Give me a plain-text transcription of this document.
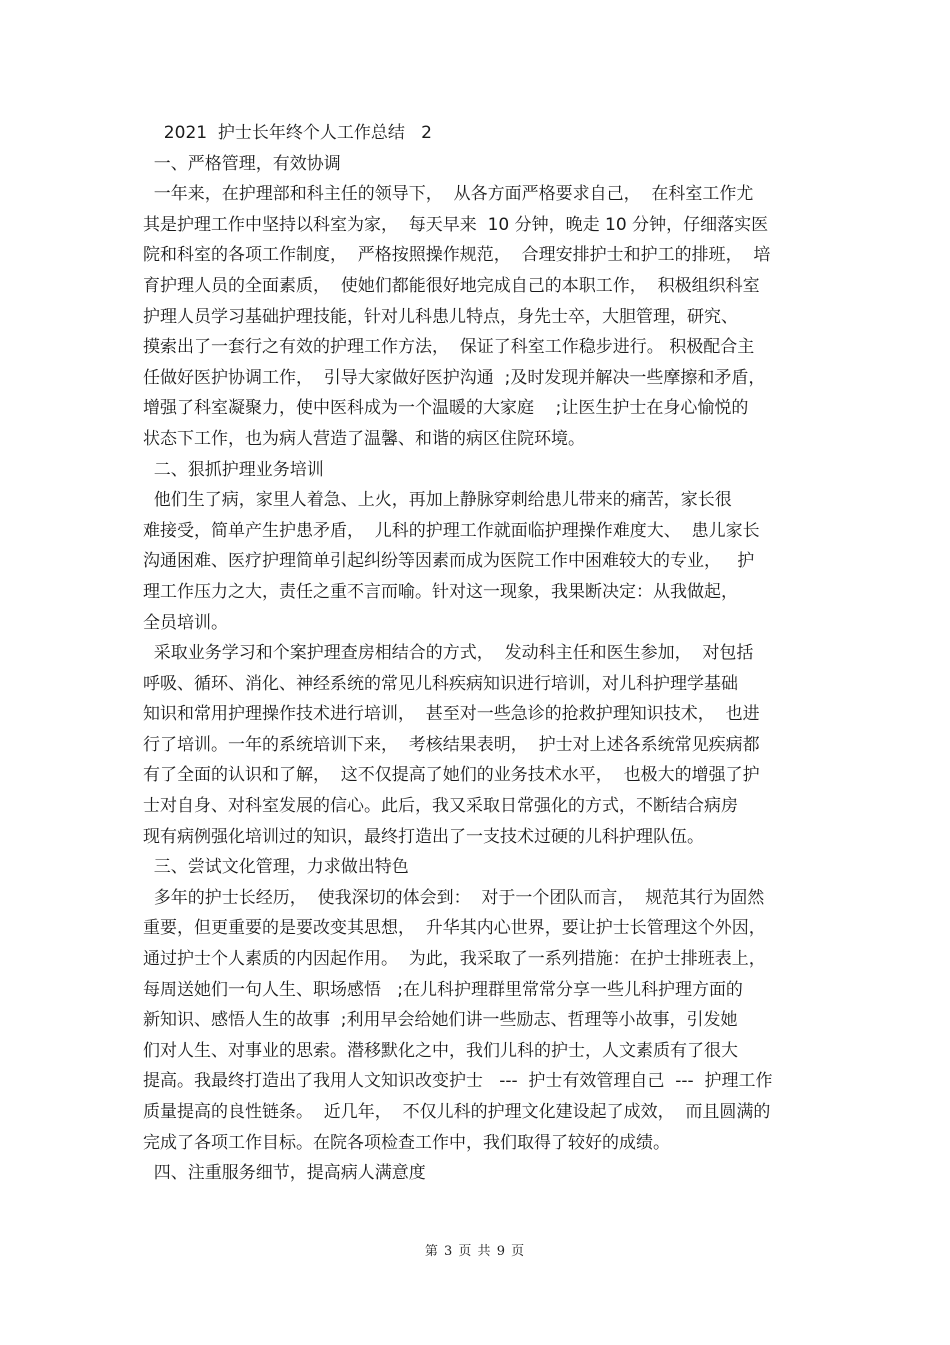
2021  护士长年终个人工作总结   2
一、严格管理，有效协调
一年来，在护理部和科主任的领导下，  从各方面严格要求自己，  在科室工作尤
其是护理工作中坚持以科室为家，  每天早来  10 分钟，晚走 10 分钟，仔细落实医
院和科室的各项工作制度，  严格按照操作规范，  合理安排护士和护工的排班，  培
育护理人员的全面素质，  使她们都能很好地完成自己的本职工作，  积极组织科室
护理人员学习基础护理技能，针对儿科患儿特点，身先士卒，大胆管理，研究、
摸索出了一套行之有效的护理工作方法，  保证了科室工作稳步进行。 积极配合主
任做好医护协调工作，  引导大家做好医护沟通  ;及时发现并解决一些摩擦和矛盾，
增强了科室凝聚力，使中医科成为一个温暖的大家庭    ;让医生护士在身心愉悦的
状态下工作，也为病人营造了温馨、和谐的病区住院环境。
二、狠抓护理业务培训
他们生了病，家里人着急、上火，再加上静脉穿刺给患儿带来的痛苦，家长很
难接受，简单产生护患矛盾，  儿科的护理工作就面临护理操作难度大、  患儿家长
沟通困难、医疗护理简单引起纠纷等因素而成为医院工作中困难较大的专业，   护
理工作压力之大，责任之重不言而喻。针对这一现象，我果断决定：从我做起，
全员培训。
采取业务学习和个案护理查房相结合的方式，  发动科主任和医生参加，  对包括
呼吸、循环、消化、神经系统的常见儿科疾病知识进行培训，对儿科护理学基础
知识和常用护理操作技术进行培训，  甚至对一些急诊的抢救护理知识技术，  也进
行了培训。一年的系统培训下来，  考核结果表明，  护士对上述各系统常见疾病都
有了全面的认识和了解，  这不仅提高了她们的业务技术水平，  也极大的增强了护
士对自身、对科室发展的信心。此后，我又采取日常强化的方式，不断结合病房
现有病例强化培训过的知识，最终打造出了一支技术过硬的儿科护理队伍。
三、尝试文化管理，力求做出特色
多年的护士长经历，  使我深切的体会到：  对于一个团队而言，  规范其行为固然
重要，但更重要的是要改变其思想，  升华其内心世界，要让护士长管理这个外因，
通过护士个人素质的内因起作用。  为此，我采取了一系列措施：在护士排班表上，
每周送她们一句人生、职场感悟   ;在儿科护理群里常常分享一些儿科护理方面的
新知识、感悟人生的故事  ;利用早会给她们讲一些励志、哲理等小故事，引发她
们对人生、对事业的思索。潜移默化之中，我们儿科的护士，人文素质有了很大
提高。我最终打造出了我用人文知识改变护士   ---  护士有效管理自己  ---  护理工作
质量提高的良性链条。  近几年，  不仅儿科的护理文化建设起了成效，  而且圆满的
完成了各项工作目标。在院各项检查工作中，我们取得了较好的成绩。
四、注重服务细节，提高病人满意度
第 3 页 共 9 页
